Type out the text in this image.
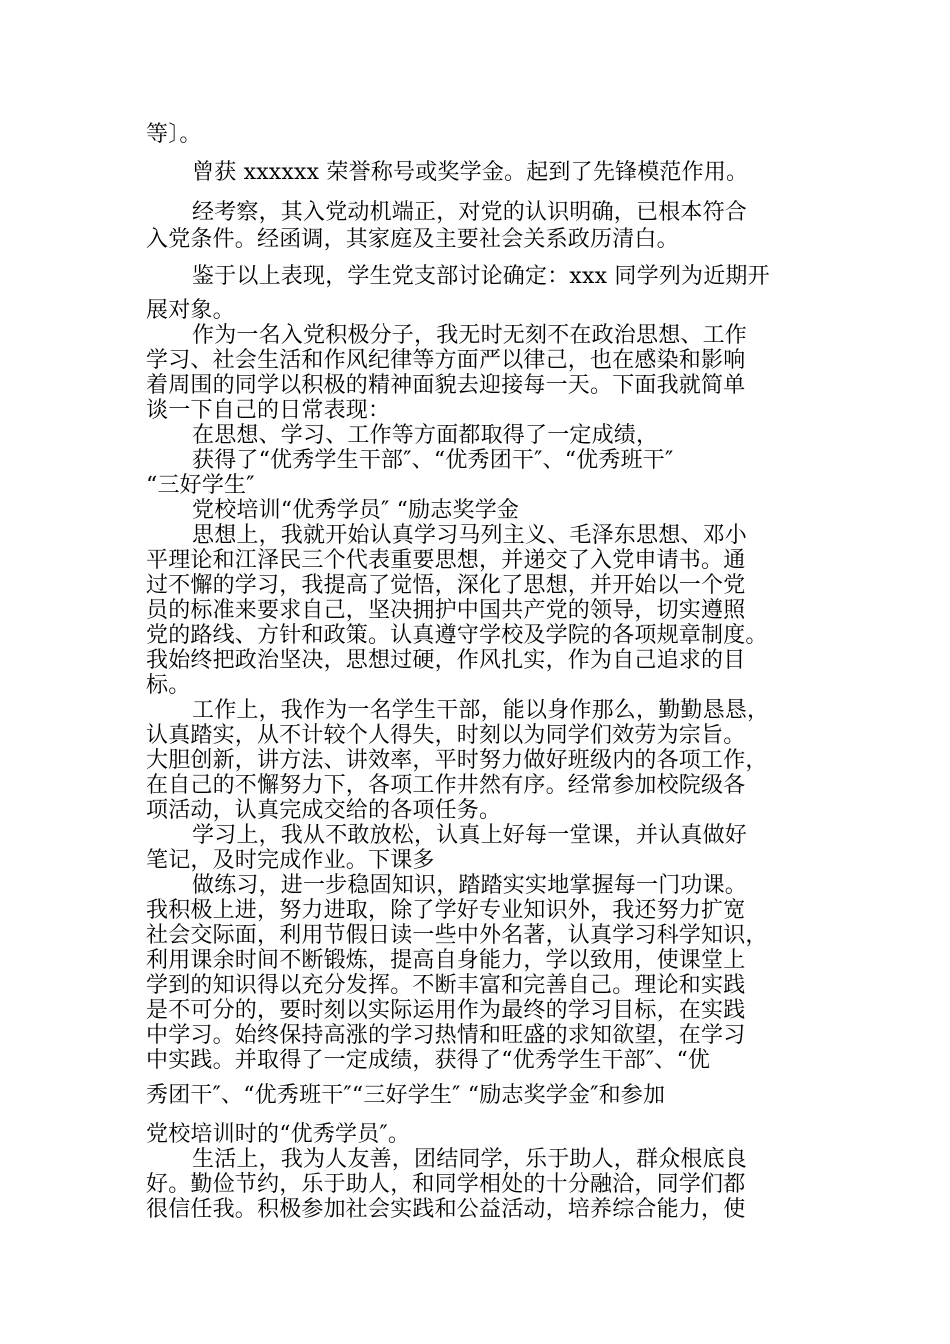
等〕。
曾获 xxxxxx 荣誉称号或奖学金。起到了先锋模范作用。
经考察，其入党动机端正，对党的认识明确，已根本符合
入党条件。经函调，其家庭及主要社会关系政历清白。
鉴于以上表现，学生党支部讨论确定：xxx 同学列为近期开
展对象。
作为一名入党积极分子，我无时无刻不在政治思想、工作
学习、社会生活和作风纪律等方面严以律己，也在感染和影响
着周围的同学以积极的精神面貌去迎接每一天。下面我就简单
谈一下自己的日常表现：
在思想、学习、工作等方面都取得了一定成绩，
获得了“优秀学生干部″、“优秀团干″、“优秀班干″
“三好学生″
党校培训“优秀学员″ “励志奖学金
思想上，我就开始认真学习马列主义、毛泽东思想、邓小
平理论和江泽民三个代表重要思想，并递交了入党申请书。通
过不懈的学习，我提高了觉悟，深化了思想，并开始以一个党
员的标准来要求自己，坚决拥护中国共产党的领导，切实遵照
党的路线、方针和政策。认真遵守学校及学院的各项规章制度。
我始终把政治坚决，思想过硬，作风扎实，作为自己追求的目
标。
工作上，我作为一名学生干部，能以身作那么，勤勤恳恳，
认真踏实，从不计较个人得失，时刻以为同学们效劳为宗旨。
大胆创新，讲方法、讲效率，平时努力做好班级内的各项工作，
在自己的不懈努力下，各项工作井然有序。经常参加校院级各
项活动，认真完成交给的各项任务。
学习上，我从不敢放松，认真上好每一堂课，并认真做好
笔记，及时完成作业。下课多
做练习，进一步稳固知识，踏踏实实地掌握每一门功课。
我积极上进，努力进取，除了学好专业知识外，我还努力扩宽
社会交际面，利用节假日读一些中外名著，认真学习科学知识，
利用课余时间不断锻炼，提高自身能力，学以致用，使课堂上
学到的知识得以充分发挥。不断丰富和完善自己。理论和实践
是不可分的，要时刻以实际运用作为最终的学习目标，在实践
中学习。始终保持高涨的学习热情和旺盛的求知欲望，在学习
中实践。并取得了一定成绩，获得了“优秀学生干部″、“优
秀团干″、“优秀班干″“三好学生″ “励志奖学金″和参加
党校培训时的“优秀学员″。
生活上，我为人友善，团结同学，乐于助人，群众根底良
好。勤俭节约，乐于助人，和同学相处的十分融洽，同学们都
很信任我。积极参加社会实践和公益活动，培养综合能力，使
